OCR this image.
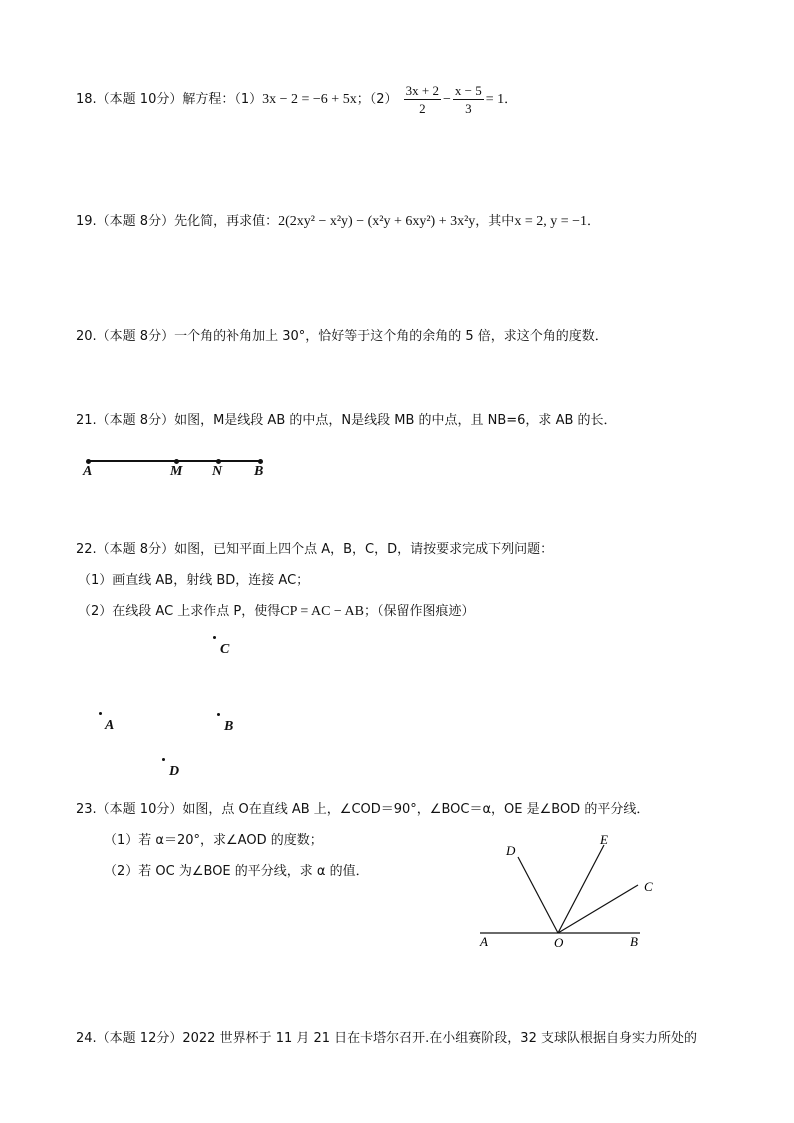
18.（本题 10分）解方程：（1）3x − 2 = −6 + 5x；$(2) \frac{3x + 2}{2} - \frac{x - 5}{3} = 1$．
19.（本题 8分）先化简，再求值：2(2xy² − x²y) − (x²y + 6xy²) + 3x²y，其中x = 2, y = −1．
20.（本题 8分）一个角的补角加上 30°，恰好等于这个角的余角的 5 倍，求这个角的度数．
21.（本题 8分）如图，M是线段 AB 的中点，N是线段 MB 的中点，且 NB=6，求 AB 的长．
A	M N B
22.（本题 8分）如图，已知平面上四个点 A，B，C，D，请按要求完成下列问题：
（1）画直线 AB，射线 BD，连接 AC；
（2）在线段 AC 上求作点 P，使得CP = AC − AB；（保留作图痕迹）
C
A	B
D
23.（本题 10分）如图，点 O在直线 AB 上，∠COD＝90°，∠BOC＝α，OE 是∠BOD 的平分线．
（1）若 α＝20°，求∠AOD 的度数；
（2）若 OC 为∠BOE 的平分线，求 α 的值．
D
E
C
A	O	B
24.（本题 12分）2022 世界杯于 11 月 21 日在卡塔尔召开.在小组赛阶段，32 支球队根据自身实力所处的
